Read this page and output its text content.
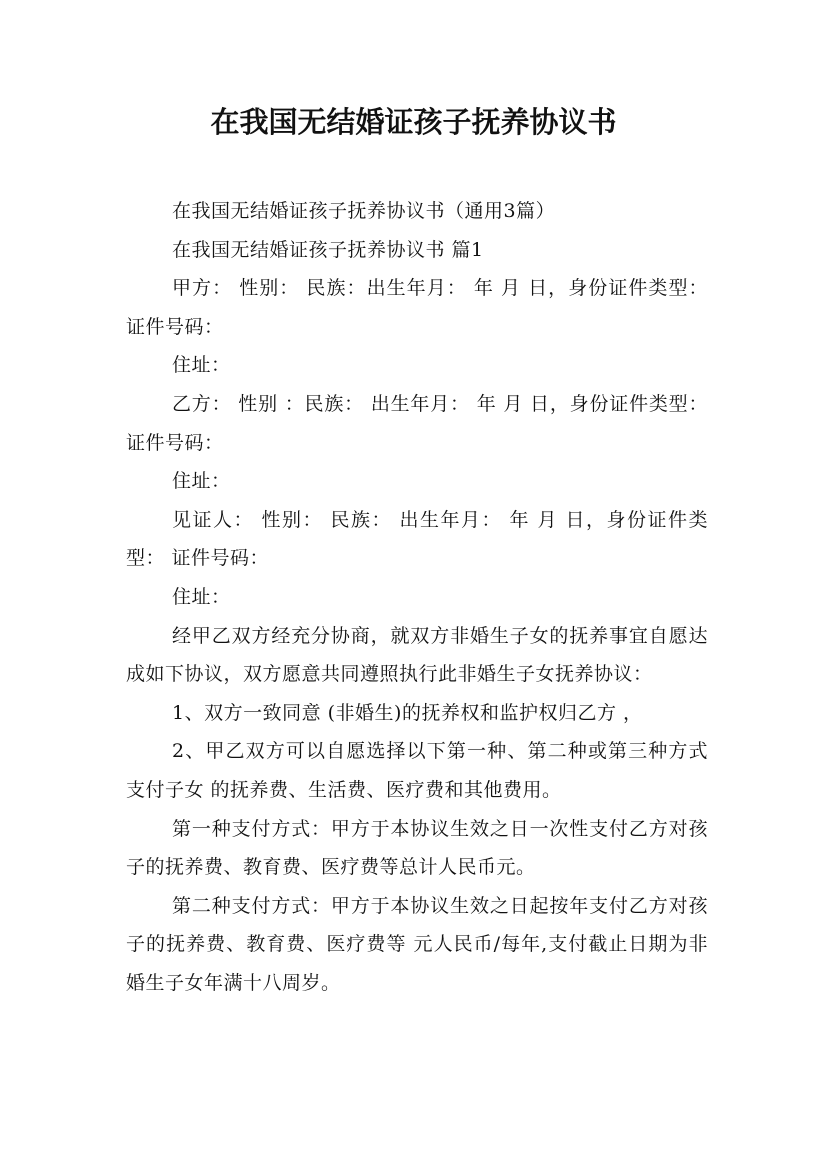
在我国无结婚证孩子抚养协议书

在我国无结婚证孩子抚养协议书（通用3篇）

在我国无结婚证孩子抚养协议书 篇1

甲方： 性别： 民族：出生年月： 年 月 日，身份证件类型： 证件号码：

住址：

乙方： 性别 ：民族： 出生年月： 年 月 日，身份证件类型： 证件号码：

住址：

见证人： 性别： 民族： 出生年月： 年 月 日，身份证件类型： 证件号码：

住址：

经甲乙双方经充分协商，就双方非婚生子女的抚养事宜自愿达成如下协议，双方愿意共同遵照执行此非婚生子女抚养协议：

1、双方一致同意 (非婚生)的抚养权和监护权归乙方 ，

2、甲乙双方可以自愿选择以下第一种、第二种或第三种方式支付子女 的抚养费、生活费、医疗费和其他费用。

第一种支付方式：甲方于本协议生效之日一次性支付乙方对孩子的抚养费、教育费、医疗费等总计人民币元。

第二种支付方式：甲方于本协议生效之日起按年支付乙方对孩子的抚养费、教育费、医疗费等 元人民币/每年,支付截止日期为非婚生子女年满十八周岁。
